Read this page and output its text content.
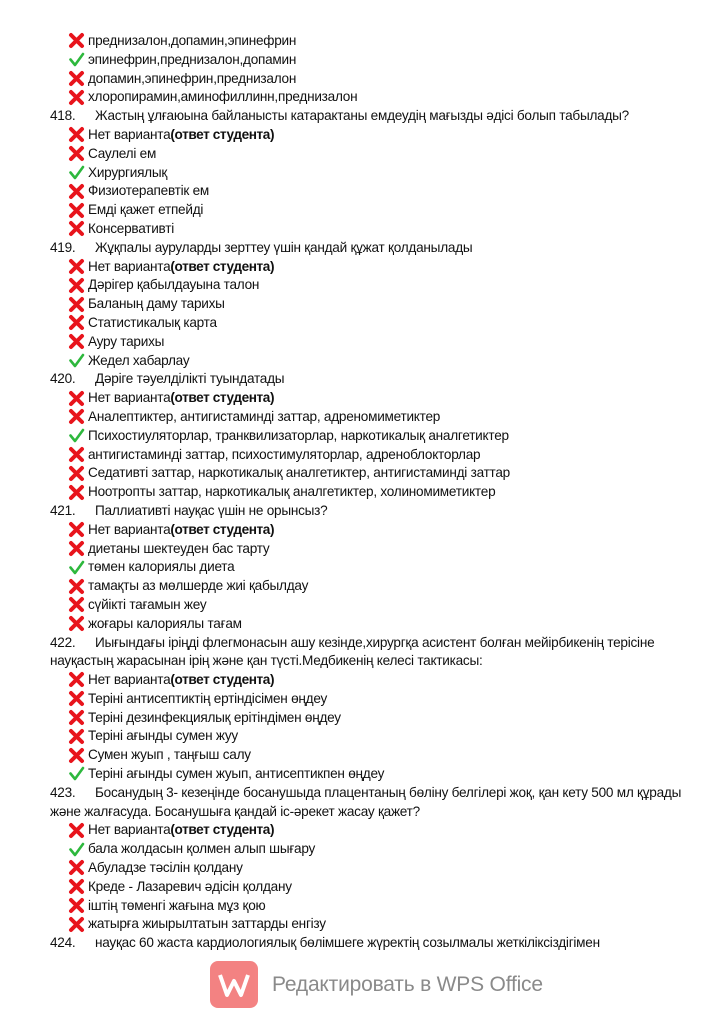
преднизалон,допамин,эпинефрин
эпинефрин,преднизалон,допамин
допамин,эпинефрин,преднизалон
хлоропирамин,аминофиллинн,преднизалон
418. Жастың ұлғаюына байланысты катарактаны емдеудің мағызды әдісі болып табылады?
Нет варианта (ответ студента)
Саулелі ем
Хирургиялық
Физиотерапевтік ем
Емді қажет етпейді
Консервативті
419. Жұқпалы ауруларды зерттеу үшін қандай құжат қолданылады
Нет варианта (ответ студента)
Дәрігер қабылдауына талон
Баланың даму тарихы
Статистикалық карта
Ауру тарихы
Жедел хабарлау
420. Дәріге тәуелділікті туындатады
Нет варианта (ответ студента)
Аналептиктер, антигистаминді заттар, адреномиметиктер
Психостиуляторлар, транквилизаторлар, наркотикалық аналгетиктер
антигистаминді заттар, психостимуляторлар, адреноблокторлар
Седативті заттар, наркотикалық аналгетиктер, антигистаминді заттар
Ноотропты заттар, наркотикалық аналгетиктер, холиномиметиктер
421. Паллиативті науқас үшін не орынсыз?
Нет варианта (ответ студента)
диетаны шектеуден бас тарту
төмен калориялы диета
тамақты аз мөлшерде жиі қабылдау
сүйікті тағамын жеу
жоғары калориялы тағам
422. Иығындағы іріңді флегмонасын ашу кезінде,хирургқа асистент болған мейірбикенің терісіне науқастың жарасынан ірің және қан түсті.Медбикенің келесі тактикасы:
Нет варианта (ответ студента)
Теріні антисептиктің ертіндісімен өңдеу
Теріні дезинфекциялық ерітіндімен өңдеу
Теріні ағынды сумен жуу
Сумен жуып , таңғыш салу
Теріні ағынды сумен жуып, антисептикпен өңдеу
423. Босанудың 3- кезеңінде босанушыда плацентаның бөліну белгілері жоқ, қан кету 500 мл құрады және жалғасуда. Босанушыға қандай іс-әрекет жасау қажет?
Нет варианта (ответ студента)
бала жолдасын қолмен алып шығару
Абуладзе тәсілін қолдану
Креде - Лазаревич әдісін қолдану
іштің төменгі жағына мұз қою
жатырға жиырылтатын заттарды енгізу
424. науқас 60 жаста кардиологиялық бөлімшеге жүректің созылмалы жеткіліксіздігімен
Редактировать в WPS Office
